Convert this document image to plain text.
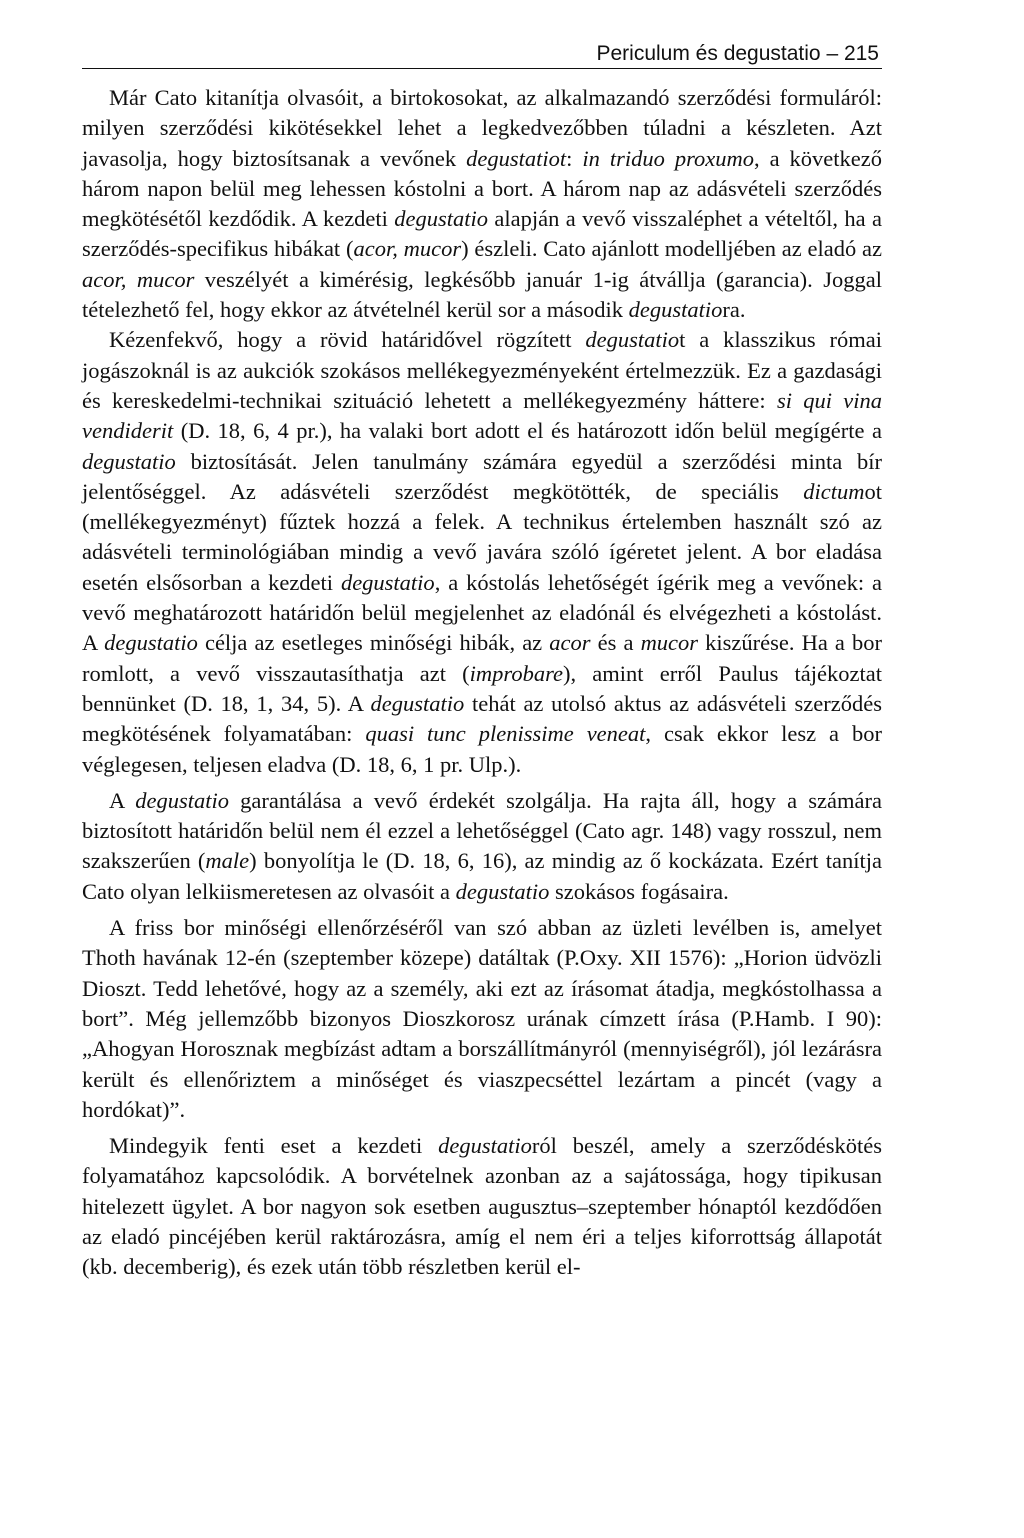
Periculum és degustatio – 215

Már Cato kitanítja olvasóit, a birtokosokat, az alkalmazandó szerződési formuláról: milyen szerződési kikötésekkel lehet a legkedvezőbben túladni a készleten. Azt javasolja, hogy biztosítsanak a vevőnek degustatiot: in triduo proxumo, a következő három napon belül meg lehessen kóstolni a bort. A három nap az adásvételi szerződés megkötésétől kezdődik. A kezdeti degustatio alapján a vevő visszaléphet a vételtől, ha a szerződés-specifikus hibákat (acor, mucor) észleli. Cato ajánlott modelljében az eladó az acor, mucor veszélyét a kimérésig, legkésőbb január 1-ig átvállja (garancia). Joggal tételezhető fel, hogy ekkor az átvételnél kerül sor a második degustatiora.

Kézenfekvő, hogy a rövid határidővel rögzített degustatiot a klasszikus római jogászoknál is az aukciók szokásos mellékegyezményeként értelmezzük. Ez a gazdasági és kereskedelmi-technikai szituáció lehetett a mellékegyezmény háttere: si qui vina vendiderit (D. 18, 6, 4 pr.), ha valaki bort adott el és határozott időn belül megígérte a degustatio biztosítását. Jelen tanulmány számára egyedül a szerződési minta bír jelentőséggel. Az adásvételi szerződést megkötötték, de speciális dictumot (mellékegyezményt) fűztek hozzá a felek. A technikus értelemben használt szó az adásvételi terminológiában mindig a vevő javára szóló ígéretet jelent. A bor eladása esetén elsősorban a kezdeti degustatio, a kóstolás lehetőségét ígérik meg a vevőnek: a vevő meghatározott határidőn belül megjelenhet az eladónál és elvégezheti a kóstolást. A degustatio célja az esetleges minőségi hibák, az acor és a mucor kiszűrése. Ha a bor romlott, a vevő visszautasíthatja azt (improbare), amint erről Paulus tájékoztat bennünket (D. 18, 1, 34, 5). A degustatio tehát az utolsó aktus az adásvételi szerződés megkötésének folyamatában: quasi tunc plenissime veneat, csak ekkor lesz a bor véglegesen, teljesen eladva (D. 18, 6, 1 pr. Ulp.).

A degustatio garantálása a vevő érdekét szolgálja. Ha rajta áll, hogy a számára biztosított határidőn belül nem él ezzel a lehetőséggel (Cato agr. 148) vagy rosszul, nem szakszerűen (male) bonyolítja le (D. 18, 6, 16), az mindig az ő kockázata. Ezért tanítja Cato olyan lelkiismeretesen az olvasóit a degustatio szokásos fogásaira.

A friss bor minőségi ellenőrzéséről van szó abban az üzleti levélben is, amelyet Thoth havának 12-én (szeptember közepe) datáltak (P.Oxy. XII 1576): „Horion üdvözli Dioszt. Tedd lehetővé, hogy az a személy, aki ezt az írásomat átadja, megkóstolhassa a bort”. Még jellemzőbb bizonyos Dioszkorosz urának címzett írása (P.Hamb. I 90): „Ahogyan Horosznak megbízást adtam a borszállítmányról (mennyiségről), jól lezárásra került és ellenőriztem a minőséget és viaszpecséttel lezártam a pincét (vagy a hordókat)”.

Mindegyik fenti eset a kezdeti degustatioról beszél, amely a szerződéskötés folyamatához kapcsolódik. A borvételnek azonban az a sajátossága, hogy tipikusan hitelezett ügylet. A bor nagyon sok esetben augusztus–szeptember hónaptól kezdődően az eladó pincéjében kerül raktározásra, amíg el nem éri a teljes kiforrottság állapotát (kb. decemberig), és ezek után több részletben kerül el-
